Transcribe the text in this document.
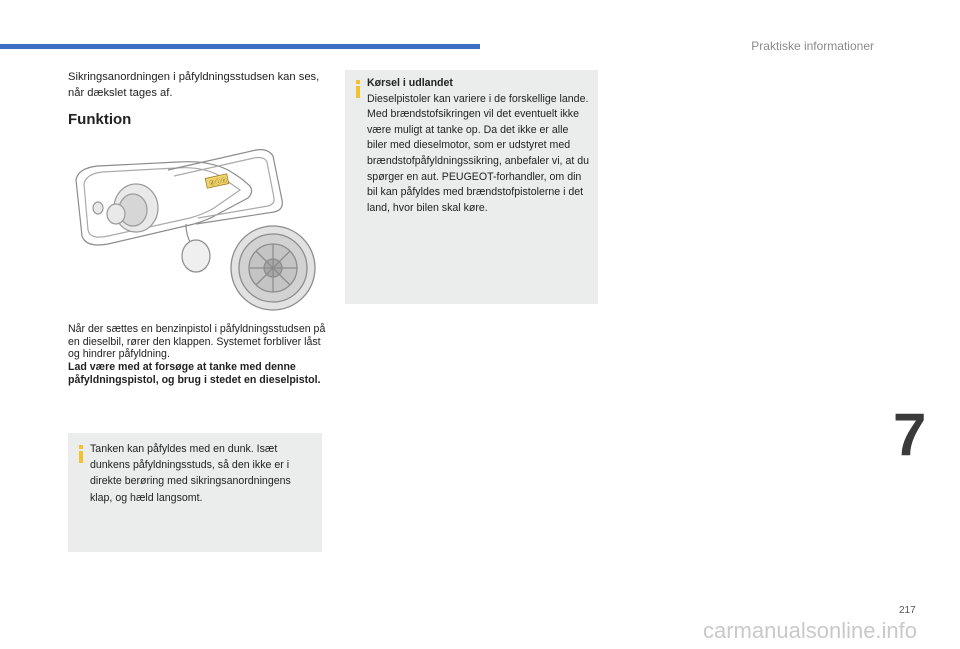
Praktiske informationer
Sikringsanordningen i påfyldningsstudsen kan ses, når dækslet tages af.
Funktion
ⓓⓘⓔ

Når der sættes en benzinpistol i påfyldningsstudsen på en dieselbil, rører den klappen. Systemet forbliver låst og hindrer påfyldning.

Lad være med at forsøge at tanke med denne påfyldningspistol, og brug i stedet en dieselpistol.

Tanken kan påfyldes med en dunk. Isæt dunkens påfyldningsstuds, så den ikke er i direkte berøring med sikringsanordningens klap, og hæld langsomt.
Kørsel i udlandet
Dieselpistoler kan variere i de forskellige lande. Med brændstofsikringen vil det eventuelt ikke være muligt at tanke op. Da det ikke er alle biler med dieselmotor, som er udstyret med brændstofpåfyldningssikring, anbefaler vi, at du spørger en aut. PEUGEOT-forhandler, om din bil kan påfyldes med brændstofpistolerne i det land, hvor bilen skal køre.
7
217
carmanualsonline.info
